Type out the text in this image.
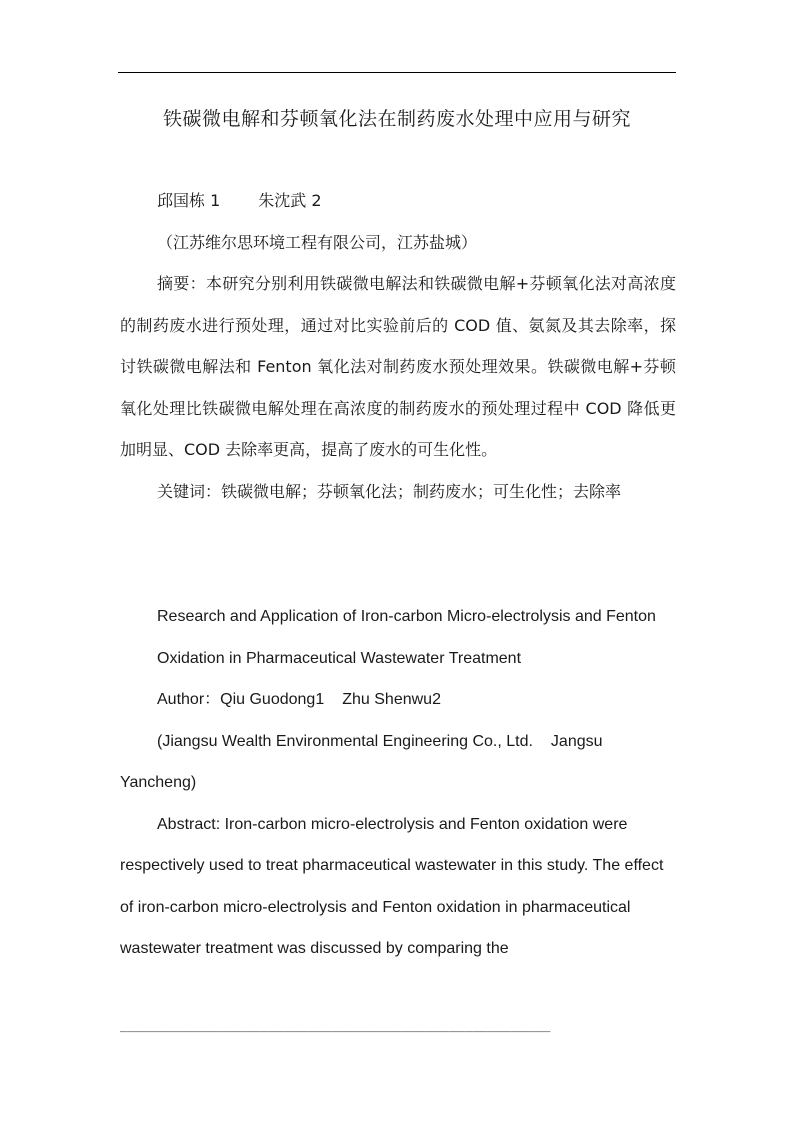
铁碳微电解和芬顿氧化法在制药废水处理中应用与研究

邱国栋 1 朱沈武 2

（江苏维尔思环境工程有限公司，江苏盐城）

摘要：本研究分别利用铁碳微电解法和铁碳微电解+芬顿氧化法对高浓度的制药废水进行预处理，通过对比实验前后的 COD 值、氨氮及其去除率，探讨铁碳微电解法和 Fenton 氧化法对制药废水预处理效果。铁碳微电解+芬顿氧化处理比铁碳微电解处理在高浓度的制药废水的预处理过程中 COD 降低更加明显、COD 去除率更高，提高了废水的可生化性。

关键词：铁碳微电解；芬顿氧化法；制药废水；可生化性；去除率

Research and Application of Iron-carbon Micro-electrolysis and Fenton

Oxidation in Pharmaceutical Wastewater Treatment

Author：Qiu Guodong1 Zhu Shenwu2

(Jiangsu Wealth Environmental Engineering Co., Ltd. Jangsu Yancheng)

Abstract: Iron-carbon micro-electrolysis and Fenton oxidation were respectively used to treat pharmaceutical wastewater in this study. The effect of iron-carbon micro-electrolysis and Fenton oxidation in pharmaceutical wastewater treatment was discussed by comparing the

_______________________________________________________
